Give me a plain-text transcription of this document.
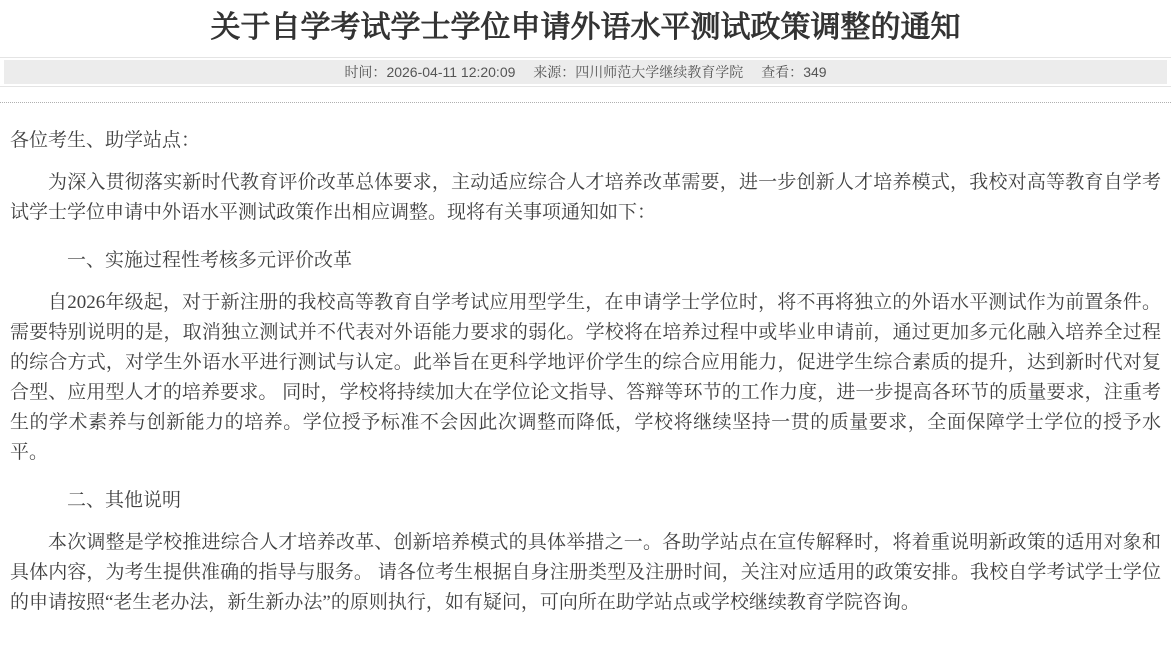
关于自学考试学士学位申请外语水平测试政策调整的通知
时间：2026-04-11 12:20:09 来源：四川师范大学继续教育学院 查看：349

各位考生、助学站点：

为深入贯彻落实新时代教育评价改革总体要求，主动适应综合人才培养改革需要，进一步创新人才培养模式，我校对高等教育自学考试学士学位申请中外语水平测试政策作出相应调整。现将有关事项通知如下：

一、实施过程性考核多元评价改革

自2026年级起，对于新注册的我校高等教育自学考试应用型学生，在申请学士学位时，将不再将独立的外语水平测试作为前置条件。 需要特别说明的是，取消独立测试并不代表对外语能力要求的弱化。学校将在培养过程中或毕业申请前，通过更加多元化融入培养全过程的综合方式，对学生外语水平进行测试与认定。此举旨在更科学地评价学生的综合应用能力，促进学生综合素质的提升，达到新时代对复合型、应用型人才的培养要求。 同时，学校将持续加大在学位论文指导、答辩等环节的工作力度，进一步提高各环节的质量要求，注重考生的学术素养与创新能力的培养。学位授予标准不会因此次调整而降低，学校将继续坚持一贯的质量要求，全面保障学士学位的授予水平。

二、其他说明

本次调整是学校推进综合人才培养改革、创新培养模式的具体举措之一。各助学站点在宣传解释时，将着重说明新政策的适用对象和具体内容，为考生提供准确的指导与服务。 请各位考生根据自身注册类型及注册时间，关注对应适用的政策安排。我校自学考试学士学位的申请按照“老生老办法，新生新办法”的原则执行，如有疑问，可向所在助学站点或学校继续教育学院咨询。
